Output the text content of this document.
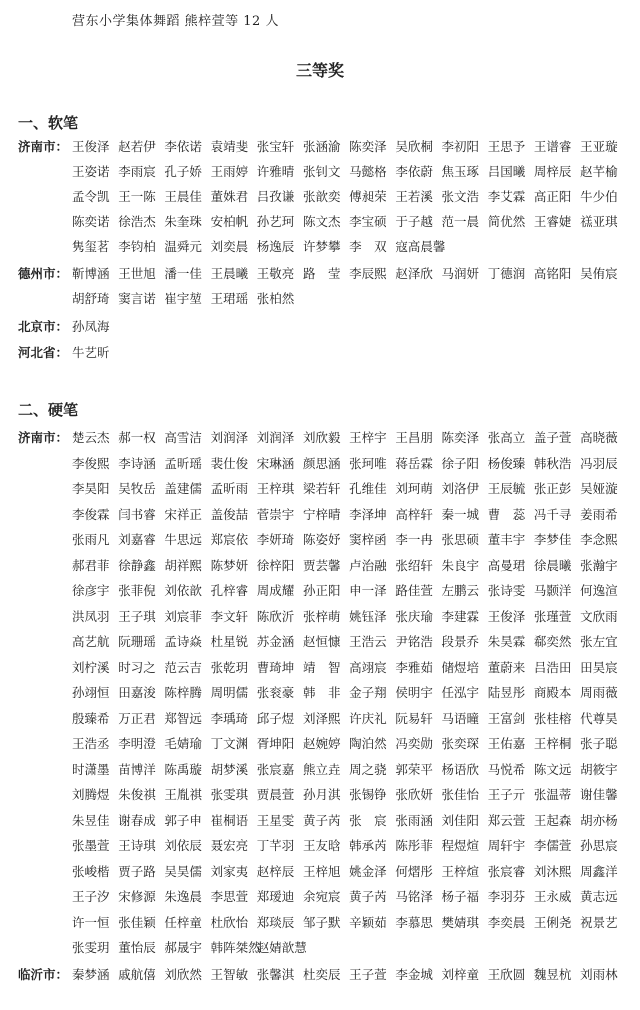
营东小学集体舞蹈 熊梓萱等 12 人
三等奖
一、软笔
济南市： 王俊泽 赵若伊 李依诺 袁靖斐 张宝轩 张涵渝 陈奕泽 吴欣桐 李初阳 王思予 王谱睿 王亚璇
王姿诺 李雨宸 孔子娇 王雨婷 许雅晴 张钊文 马懿格 李依蔚 焦玉琢 吕国曦 周梓辰 赵芊榆
孟令凯 王一陈 王晨佳 董姝君 吕孜谦 张歆奕 傅昶荣 王若溪 张文浩 李艾霖 高正阳 牛少伯
陈奕诺 徐浩杰 朱奎珠 安柏帆 孙艺珂 陈文杰 李宝硕 于子越 范一晨 简优然 王睿婕 禚亚琪
隽玺茗 李钧柏 温舜元 刘奕晨 杨逸辰 许梦攀 李　双 寇高晨馨
德州市： 靳博涵 王世旭 潘一佳 王晨曦 王敬亮 路　莹 李辰熙 赵泽欣 马润妍 丁德润 高铭阳 吴侑宸
胡舒琦 窦言诺 崔宇堃 王珺瑶 张柏然
北京市： 孙凤海
河北省： 牛艺昕
二、硬笔
济南市： 楚云杰 郝一权 高雪洁 刘润泽 刘润泽 刘欣毅 王梓宇 王昌朋 陈奕泽 张高立 盖子萱 高晓薇
李俊熙 李诗涵 孟昕瑶 裴仕俊 宋琳涵 颜思涵 张珂唯 蒋岳霖 徐子阳 杨俊臻 韩秋浩 冯羽辰
李昊阳 吴牧岳 盖建儒 孟昕雨 王梓琪 梁若轩 孔维佳 刘珂萌 刘洛伊 王辰毓 张正彭 吴娅漩
李俊霖 闫书睿 宋祥正 盖俊喆 菅崇宇 宁梓晴 李泽坤 高梓轩 秦一城 曹　蕊 冯千寻 姜雨希
张雨凡 刘嘉睿 牛思远 郑宸依 李妍琦 陈姿妤 窦梓函 李一冉 张思硕 董丰宇 李梦佳 李念熙
郝君菲 徐静鑫 胡祥熙 陈梦妍 徐梓阳 贾芸馨 卢治融 张绍轩 朱良宇 高曼珺 徐晨曦 张瀚宇
徐彦宇 张菲倪 刘依歆 孔梓睿 周成耀 孙正阳 申一泽 路佳萱 左鹏云 张诗雯 马颢洋 何逸渲
洪凤羽 王子琪 刘宸菲 李文轩 陈欣沂 张梓萌 姚钰泽 张庆瑜 李建霖 王俊泽 张瑾萱 文欣雨
高艺航 阮珊瑶 孟诗焱 杜星锐 苏金涵 赵恒慷 王浩云 尹铭浩 段景乔 朱昊霖 郗奕然 张左宜
刘柠溪 时习之 范云吉 张乾玥 曹琦坤 靖　智 高翊宸 李雅茹 储煜培 董蔚来 吕浩田 田昊宸
孙翊恒 田嘉浚 陈梓腾 周明儒 张衮豪 韩　非 金子翔 侯明宇 任泓宇 陆昱彤 商殿本 周雨薇
殷臻希 万正君 郑智远 李瑀琦 邱子煜 刘泽熙 许庆礼 阮易轩 马语曈 王富剑 张桂榕 代尊昊
王浩丞 李明澄 毛婧瑜 丁文渊 胥坤阳 赵婉婷 陶泊然 冯奕勋 张奕琛 王佑嘉 王梓桐 张子聪
时潇墨 苗博洋 陈禹璇 胡梦溪 张宸嘉 熊立垚 周之骁 郭荣平 杨语欣 马悦希 陈文远 胡筱宇
刘腾煜 朱俊祺 王胤祺 张雯琪 贾晨萱 孙月淇 张锡铮 张欣妍 张佳怡 王子亓 张温蒂 谢佳馨
朱昱佳 谢春成 郭子申 崔桐语 王星雯 黄子芮 张　宸 张雨涵 刘佳阳 郑云萱 王起森 胡亦杨
张墨萱 王诗琪 刘依辰 聂宏亮 丁芊羽 王友晗 韩承芮 陈彤菲 程煜煊 周轩宇 李儒萱 孙思宸
张峻楷 贾子路 吴昊儒 刘家夷 赵梓辰 王梓旭 姚金泽 何熠彤 王梓煊 张宸睿 刘沐熙 周鑫洋
王子汐 宋修源 朱逸晨 李思萱 郑瑷迪 余宛宸 黄子芮 马铭泽 杨子福 李羽芬 王永威 黄志远
许一恒 张佳颖 任梓童 杜欣怡 郑琰辰 邹子默 辛颖茹 李慕思 樊婧琪 李奕晨 王俐尧 祝景艺
张雯玥 董怡辰 郝晟宇 韩阵桀然
赵婧歆慧
临沂市： 秦梦涵 戚航僖 刘欣然 王智敏 张馨淇 杜奕辰 王子萱 李金城 刘梓童 王欣圆 魏昱杭 刘雨林
